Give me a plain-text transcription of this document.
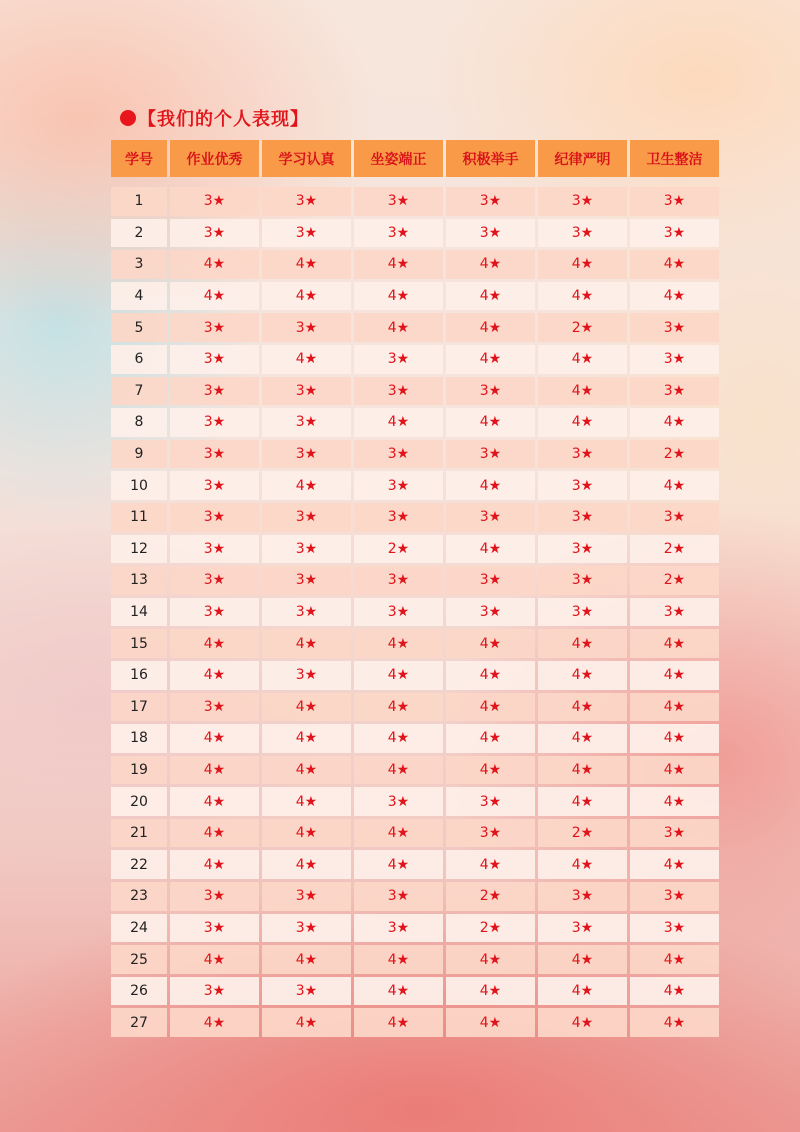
【我们的个人表现】
学号	作业优秀	学习认真	坐姿端正	积极举手	纪律严明	卫生整洁

1	3★	3★	3★	3★	3★	3★
2	3★	3★	3★	3★	3★	3★
3	4★	4★	4★	4★	4★	4★
4	4★	4★	4★	4★	4★	4★
5	3★	3★	4★	4★	2★	3★
6	3★	4★	3★	4★	4★	3★
7	3★	3★	3★	3★	4★	3★
8	3★	3★	4★	4★	4★	4★
9	3★	3★	3★	3★	3★	2★
10	3★	4★	3★	4★	3★	4★
11	3★	3★	3★	3★	3★	3★
12	3★	3★	2★	4★	3★	2★
13	3★	3★	3★	3★	3★	2★
14	3★	3★	3★	3★	3★	3★
15	4★	4★	4★	4★	4★	4★
16	4★	3★	4★	4★	4★	4★
17	3★	4★	4★	4★	4★	4★
18	4★	4★	4★	4★	4★	4★
19	4★	4★	4★	4★	4★	4★
20	4★	4★	3★	3★	4★	4★
21	4★	4★	4★	3★	2★	3★
22	4★	4★	4★	4★	4★	4★
23	3★	3★	3★	2★	3★	3★
24	3★	3★	3★	2★	3★	3★
25	4★	4★	4★	4★	4★	4★
26	3★	3★	4★	4★	4★	4★
27	4★	4★	4★	4★	4★	4★
